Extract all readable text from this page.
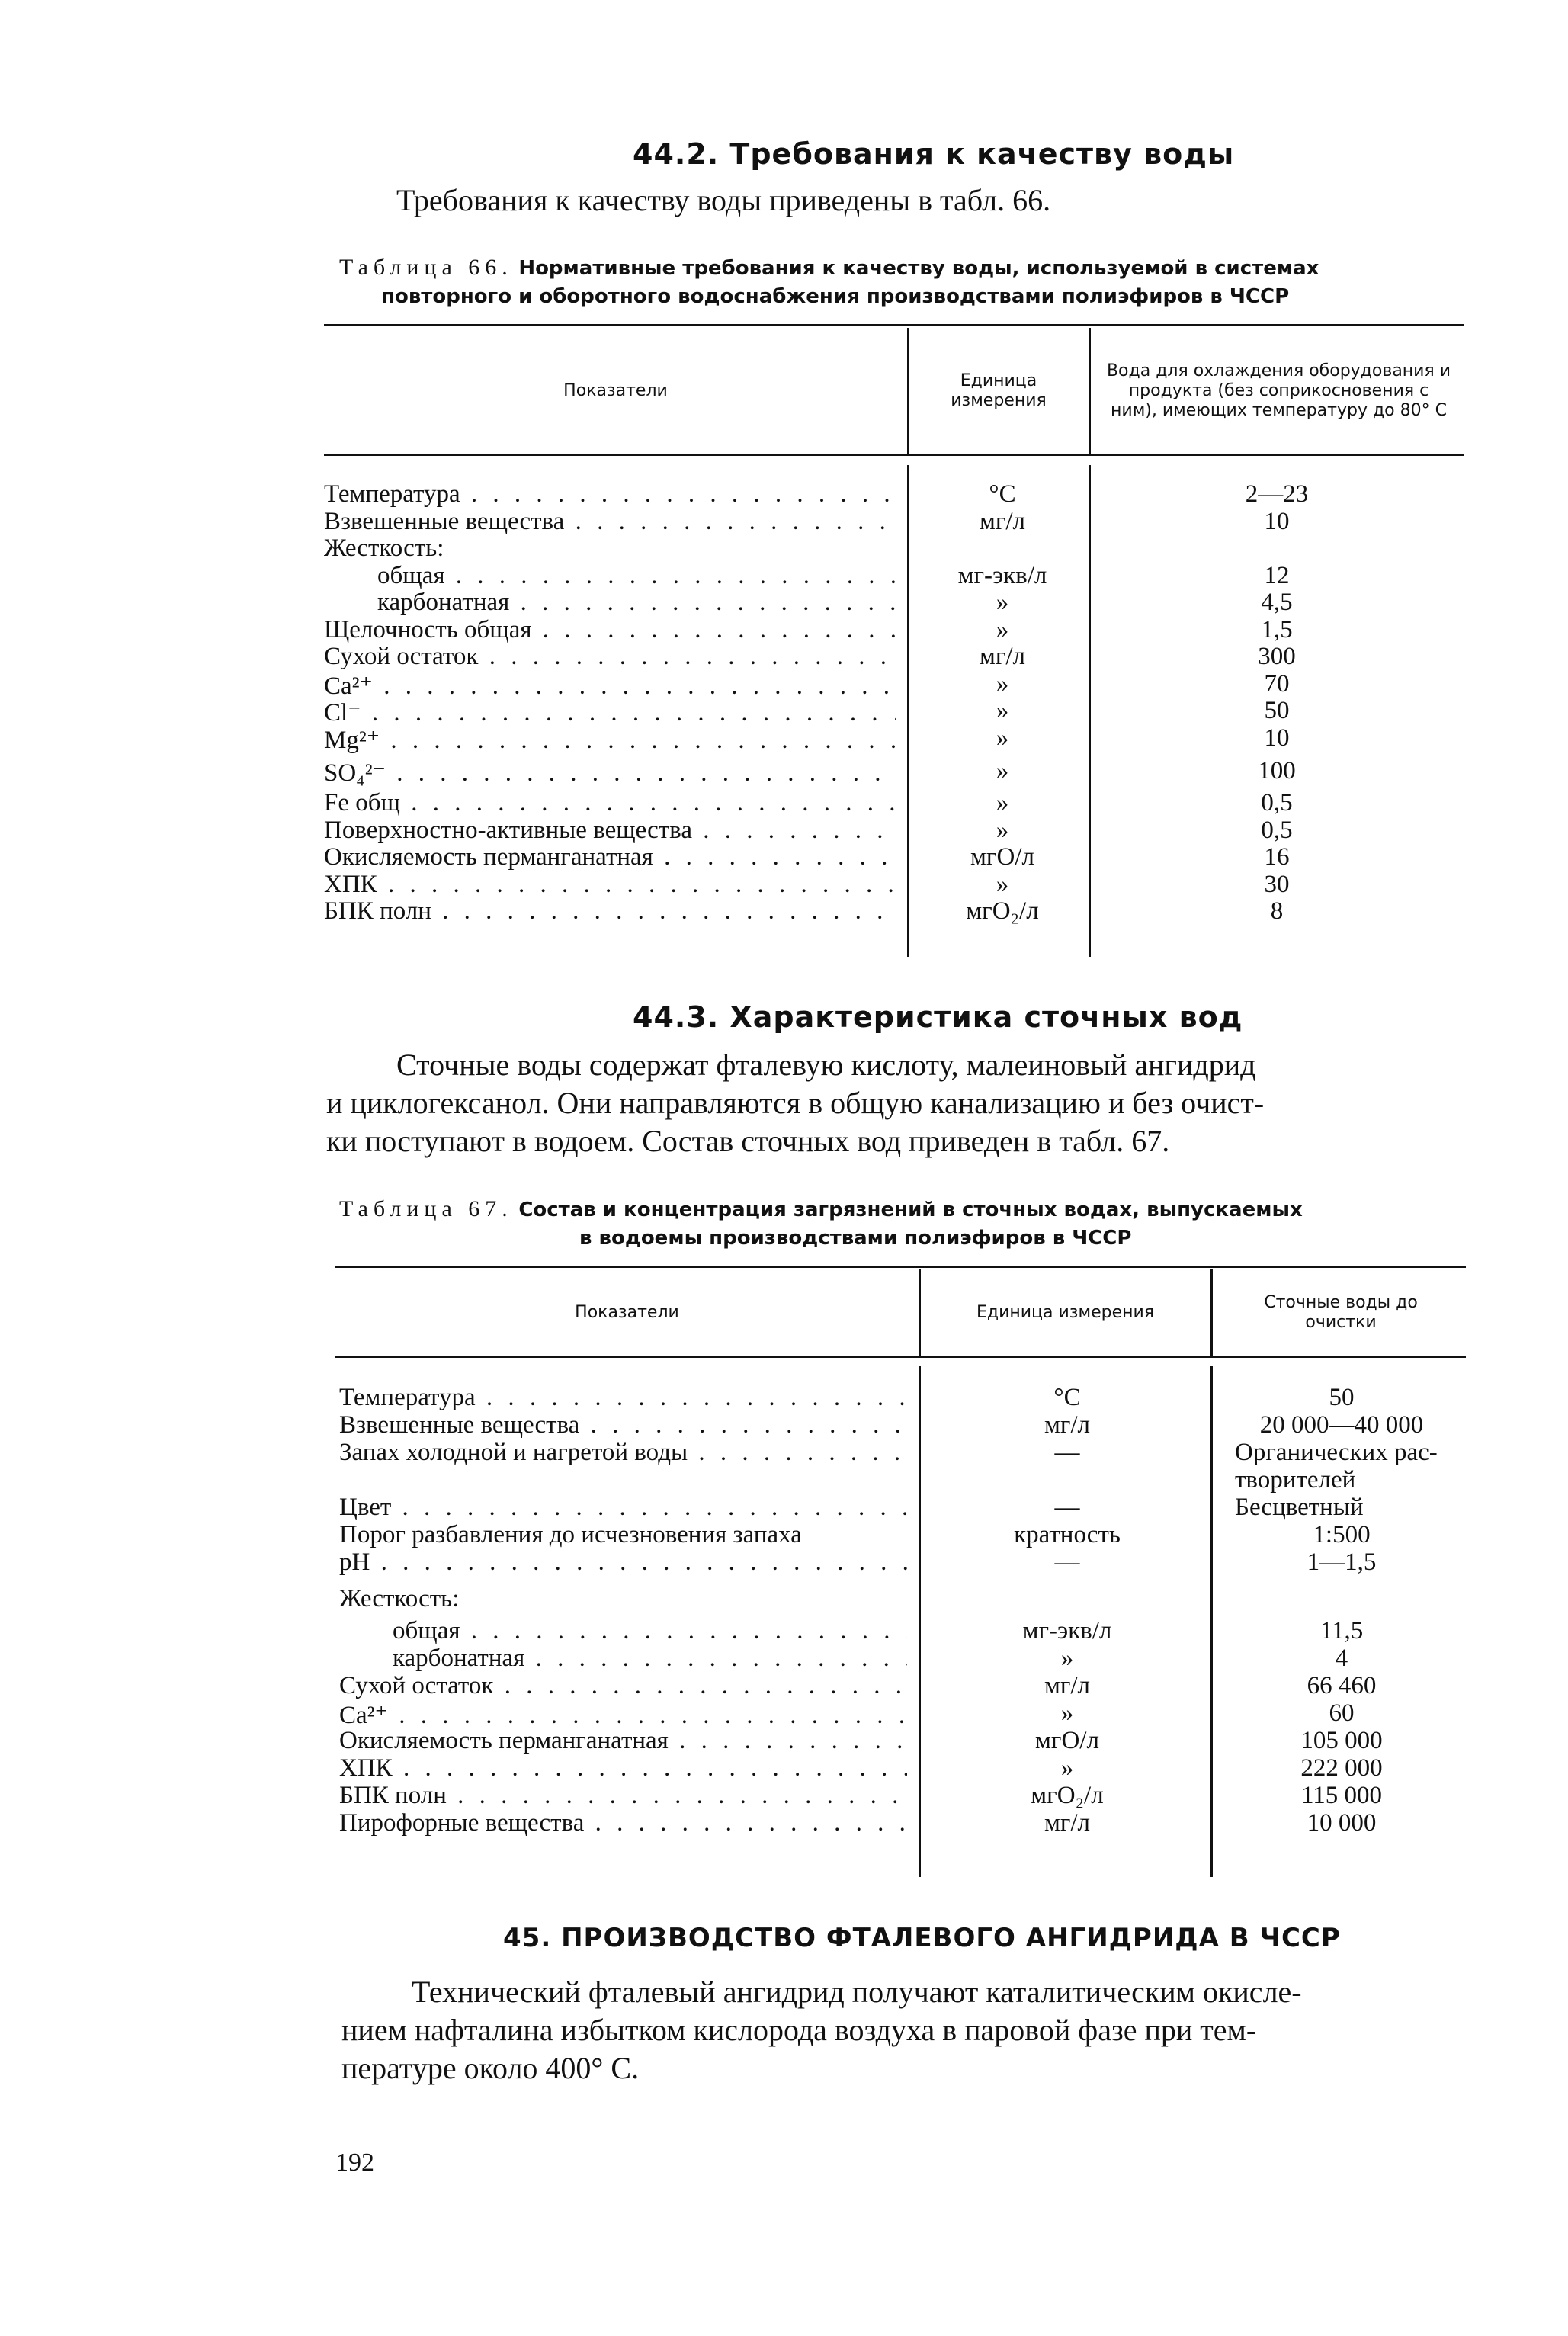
44.2. Требования к качеству воды
Требования к качеству воды приведены в табл. 66.
Таблица 66. Нормативные требования к качеству воды, используемой в системах
повторного и оборотного водоснабжения производствами полиэфиров в ЧССР
Показатели
Единица измерения
Вода для охлаждения оборудования и продукта (без соприкосновения с ним), имеющих температуру до 80° С
Температура . . .	°С	2—23
Взвешенные вещества . . .	мг/л	10
Жесткость:
общая . . .	мг-экв/л	12
карбонатная . . .	»	4,5
Щелочность общая . . .	»	1,5
Сухой остаток . . .	мг/л	300
Ca²⁺ . . .	»	70
Cl⁻ . . .	»	50
Mg²⁺ . . .	»	10
SO₄²⁻ . . .	»	100
Fe общ . . .	»	0,5
Поверхностно-активные вещества . . .	»	0,5
Окисляемость перманганатная . . .	мгО/л	16
ХПК . . .	»	30
БПК полн . . .	мгО₂/л	8
44.3. Характеристика сточных вод
Сточные воды содержат фталевую кислоту, малеиновый ангидрид
и циклогексанол. Они направляются в общую канализацию и без очист-
ки поступают в водоем. Состав сточных вод приведен в табл. 67.
Таблица 67. Состав и концентрация загрязнений в сточных водах, выпускаемых
в водоемы производствами полиэфиров в ЧССР
Показатели	Единица измерения
Сточные воды до очистки
Температура . . .	°С	50
Взвешенные вещества . . .	мг/л	20 000—40 000
Запах холодной и нагретой воды . . .	—	Органических рас-
творителей
Цвет . . .	—	Бесцветный
Порог разбавления до исчезновения запаха	кратность	1:500
pH . . .	—	1—1,5
Жесткость:
общая . . .	мг-экв/л	11,5
карбонатная . . .	»	4
Сухой остаток . . .	мг/л	66 460
Ca²⁺ . . .	»	60
Окисляемость перманганатная . . .	мгО/л	105 000
ХПК . . .	»	222 000
БПК полн . . .	мгО₂/л	115 000
Пирофорные вещества . . .	мг/л	10 000
45. ПРОИЗВОДСТВО ФТАЛЕВОГО АНГИДРИДА В ЧССР
Технический фталевый ангидрид получают каталитическим окисле-
нием нафталина избытком кислорода воздуха в паровой фазе при тем-
пературе около 400° С.
192
